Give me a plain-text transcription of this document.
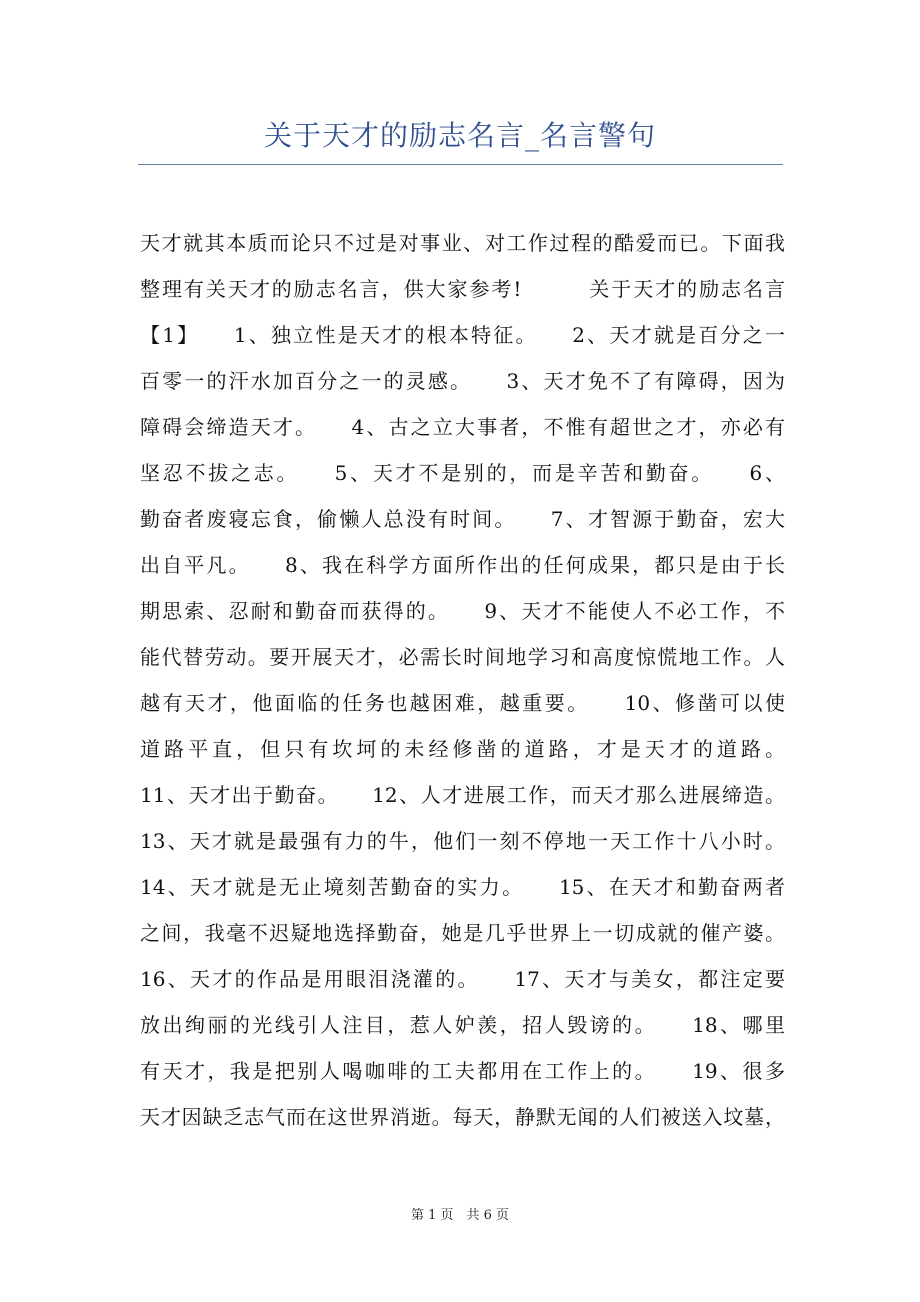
关于天才的励志名言_名言警句
天才就其本质而论只不过是对事业、对工作过程的酷爱而已。下面我
整理有关天才的励志名言，供大家参考!　　　关于天才的励志名言
【1】　　1、独立性是天才的根本特征。　　2、天才就是百分之一
百零一的汗水加百分之一的灵感。　　3、天才免不了有障碍，因为
障碍会缔造天才。　　4、古之立大事者，不惟有超世之才，亦必有
坚忍不拔之志。　　5、天才不是别的，而是辛苦和勤奋。　　6、
勤奋者废寝忘食，偷懒人总没有时间。　　7、才智源于勤奋，宏大
出自平凡。　　8、我在科学方面所作出的任何成果，都只是由于长
期思索、忍耐和勤奋而获得的。　　9、天才不能使人不必工作，不
能代替劳动。要开展天才，必需长时间地学习和高度惊慌地工作。人
越有天才，他面临的任务也越困难，越重要。　　10、修凿可以使
道路平直，但只有坎坷的未经修凿的道路，才是天才的道路。
11、天才出于勤奋。　　12、人才进展工作，而天才那么进展缔造。
13、天才就是最强有力的牛，他们一刻不停地一天工作十八小时。
14、天才就是无止境刻苦勤奋的实力。　　15、在天才和勤奋两者
之间，我毫不迟疑地选择勤奋，她是几乎世界上一切成就的催产婆。
16、天才的作品是用眼泪浇灌的。　　17、天才与美女，都注定要
放出绚丽的光线引人注目，惹人妒羡，招人毁谤的。　　18、哪里
有天才，我是把别人喝咖啡的工夫都用在工作上的。　　19、很多
天才因缺乏志气而在这世界消逝。每天，静默无闻的人们被送入坟墓，
第 1 页　共 6 页
